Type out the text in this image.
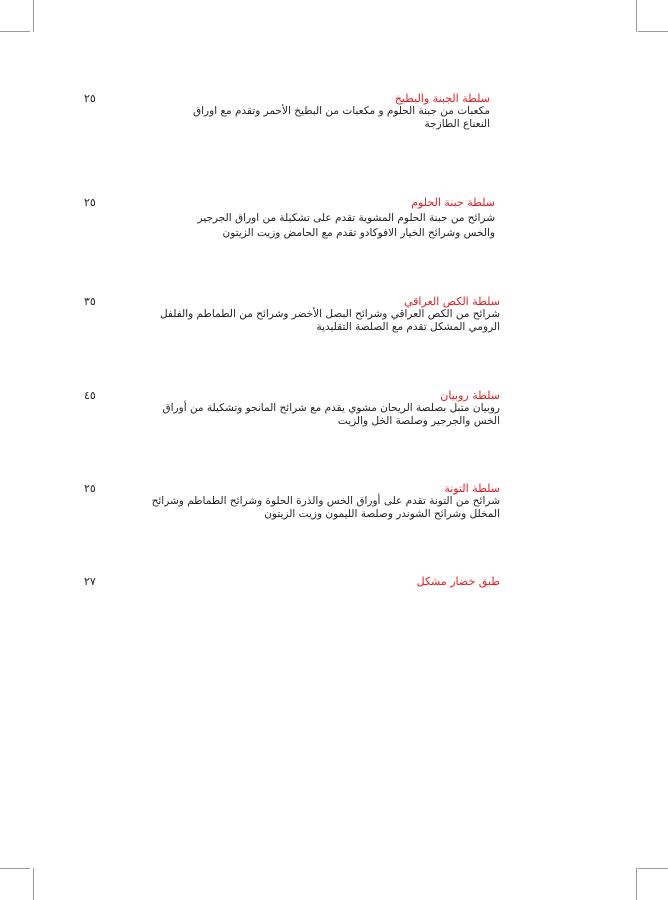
سلطة الجبنة والبطيخ
مكعبات من جبنة الحلوم و مكعبات من البطيخ الأحمر وتقدم مع اوراق
النعناع الطازجة
٢٥
سلطة جبنة الحلوم
شرائح من جبنة الحلوم المشوية تقدم على تشكيلة من اوراق الجرجير
والخس وشرائح الخيار الافوكادو تقدم مع الحامض وزيت الزيتون
٢٥
سلطة الكص العراقي
شرائح من الكص العراقي وشرائح البصل الأخضر وشرائح من الطماطم والفلفل
الرومي المشكل تقدم مع الصلصة التقليدية
٣٥
سلطة روبيان
روبيان متبل بصلصة الريحان مشوي يقدم مع شرائح المانجو وتشكيلة من أوراق
الخس والجرجير وصلصة الخل والزيت
٤٥
سلطة التونة
شرائح من التونة تقدم على أوراق الخس والذرة الحلوة وشرائح الطماطم وشرائح
المخلل وشرائح الشوندر وصلصة الليمون وزيت الزيتون
٢٥
طبق خضار مشكل
٢٧
